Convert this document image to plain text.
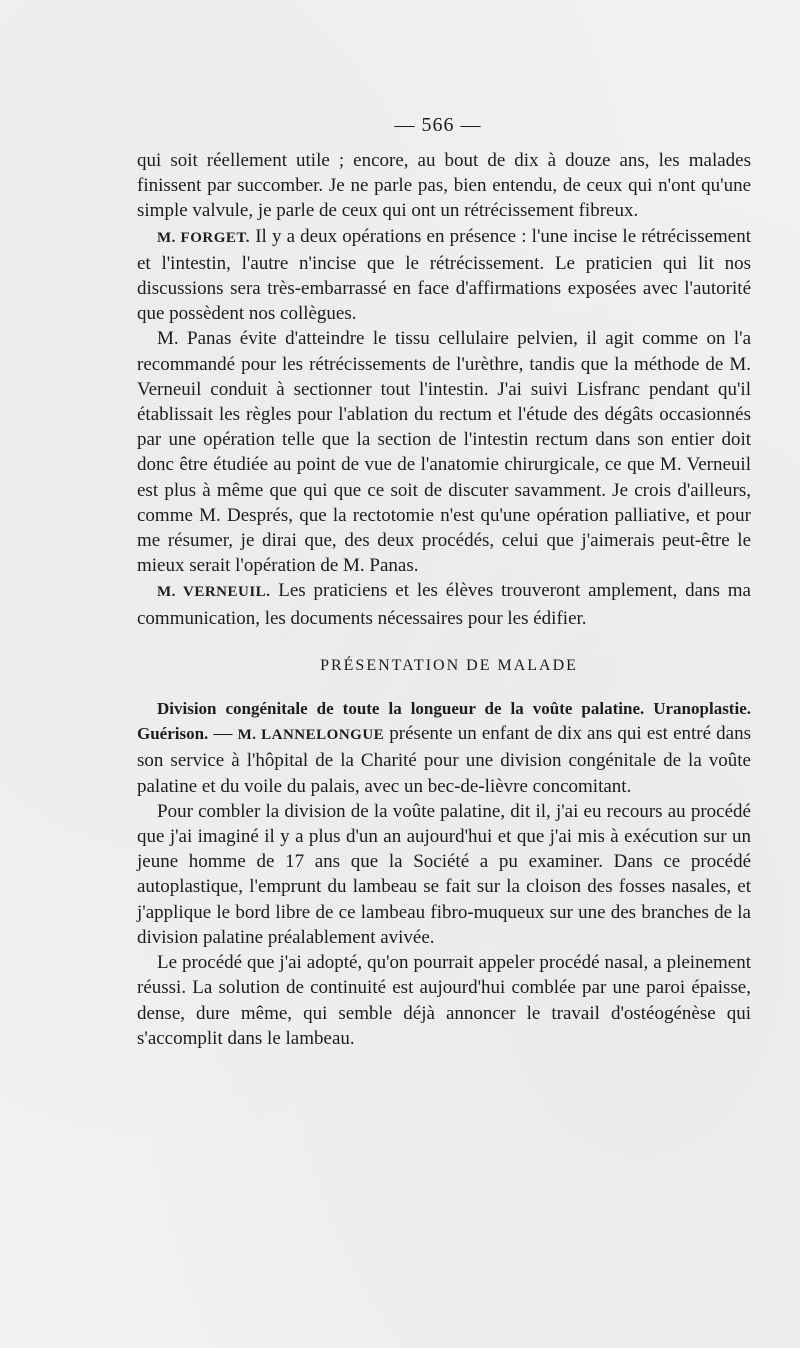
— 566 —

qui soit réellement utile ; encore, au bout de dix à douze ans, les malades finissent par succomber. Je ne parle pas, bien entendu, de ceux qui n'ont qu'une simple valvule, je parle de ceux qui ont un rétrécissement fibreux.

M. FORGET. Il y a deux opérations en présence : l'une incise le rétrécissement et l'intestin, l'autre n'incise que le rétrécissement. Le praticien qui lit nos discussions sera très-embarrassé en face d'affirmations exposées avec l'autorité que possèdent nos collègues.

M. Panas évite d'atteindre le tissu cellulaire pelvien, il agit comme on l'a recommandé pour les rétrécissements de l'urèthre, tandis que la méthode de M. Verneuil conduit à sectionner tout l'intestin. J'ai suivi Lisfranc pendant qu'il établissait les règles pour l'ablation du rectum et l'étude des dégâts occasionnés par une opération telle que la section de l'intestin rectum dans son entier doit donc être étudiée au point de vue de l'anatomie chirurgicale, ce que M. Verneuil est plus à même que qui que ce soit de discuter savamment. Je crois d'ailleurs, comme M. Després, que la rectotomie n'est qu'une opération palliative, et pour me résumer, je dirai que, des deux procédés, celui que j'aimerais peut-être le mieux serait l'opération de M. Panas.

M. VERNEUIL. Les praticiens et les élèves trouveront amplement, dans ma communication, les documents nécessaires pour les édifier.

PRÉSENTATION DE MALADE

Division congénitale de toute la longueur de la voûte palatine. Uranoplastie. Guérison. — M. LANNELONGUE présente un enfant de dix ans qui est entré dans son service à l'hôpital de la Charité pour une division congénitale de la voûte palatine et du voile du palais, avec un bec-de-lièvre concomitant.

Pour combler la division de la voûte palatine, dit il, j'ai eu recours au procédé que j'ai imaginé il y a plus d'un an aujourd'hui et que j'ai mis à exécution sur un jeune homme de 17 ans que la Société a pu examiner. Dans ce procédé autoplastique, l'emprunt du lambeau se fait sur la cloison des fosses nasales, et j'applique le bord libre de ce lambeau fibro-muqueux sur une des branches de la division palatine préalablement avivée.

Le procédé que j'ai adopté, qu'on pourrait appeler procédé nasal, a pleinement réussi. La solution de continuité est aujourd'hui comblée par une paroi épaisse, dense, dure même, qui semble déjà annoncer le travail d'ostéogénèse qui s'accomplit dans le lambeau.
